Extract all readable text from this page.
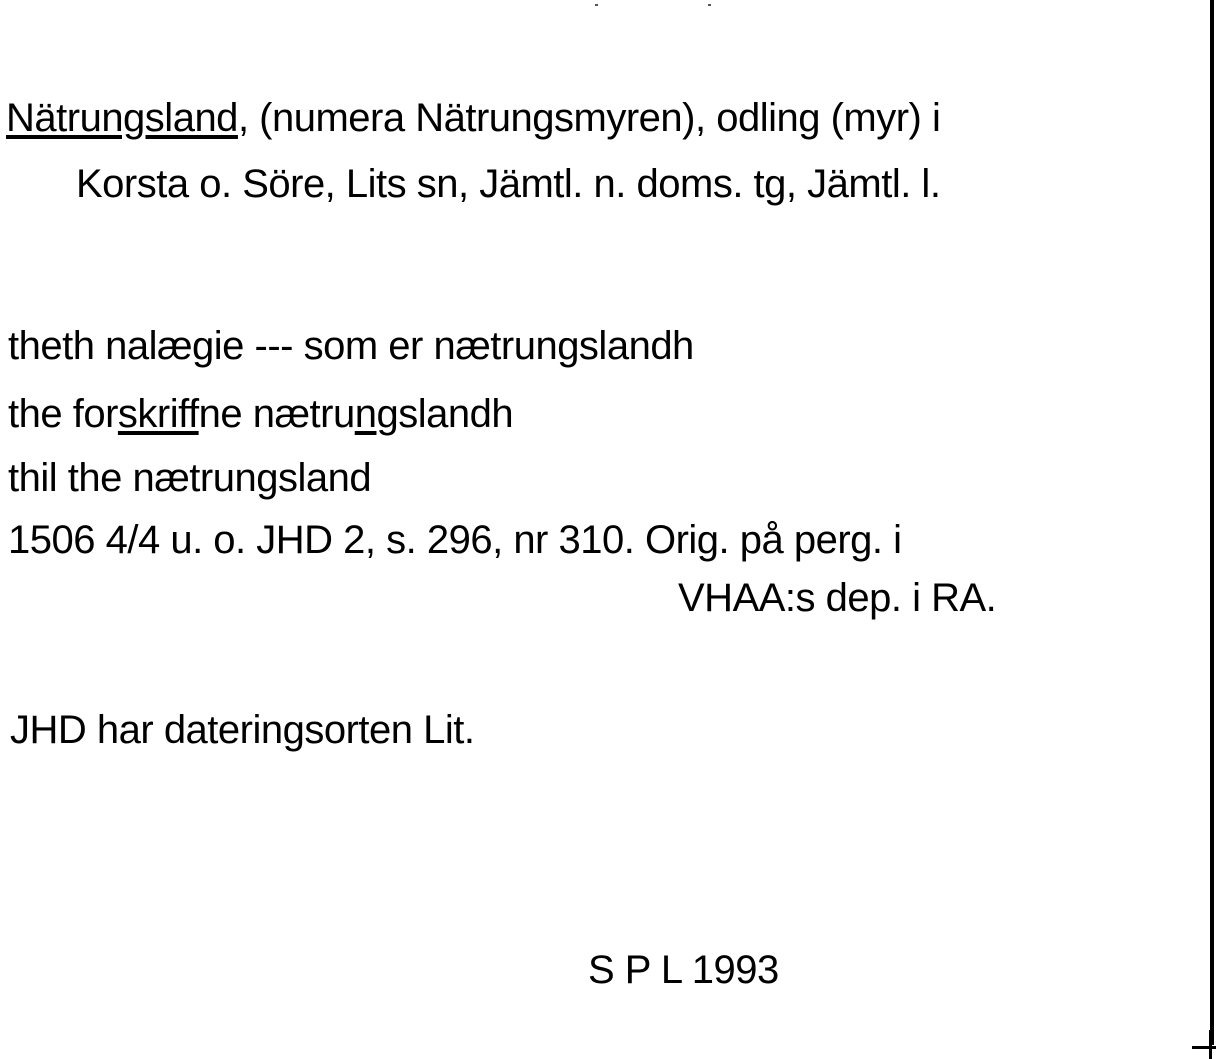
Nätrungsland, (numera Nätrungsmyren), odling (myr) i
Korsta o. Söre, Lits sn, Jämtl. n. doms. tg, Jämtl. l.
theth nalægie --- som er nætrungslandh
the forskriffne nætrungslandh
thil the nætrungsland
1506 4/4 u. o. JHD 2, s. 296, nr 310. Orig. på perg. i
VHAA:s dep. i RA.
JHD har dateringsorten Lit.
S P L 1993
